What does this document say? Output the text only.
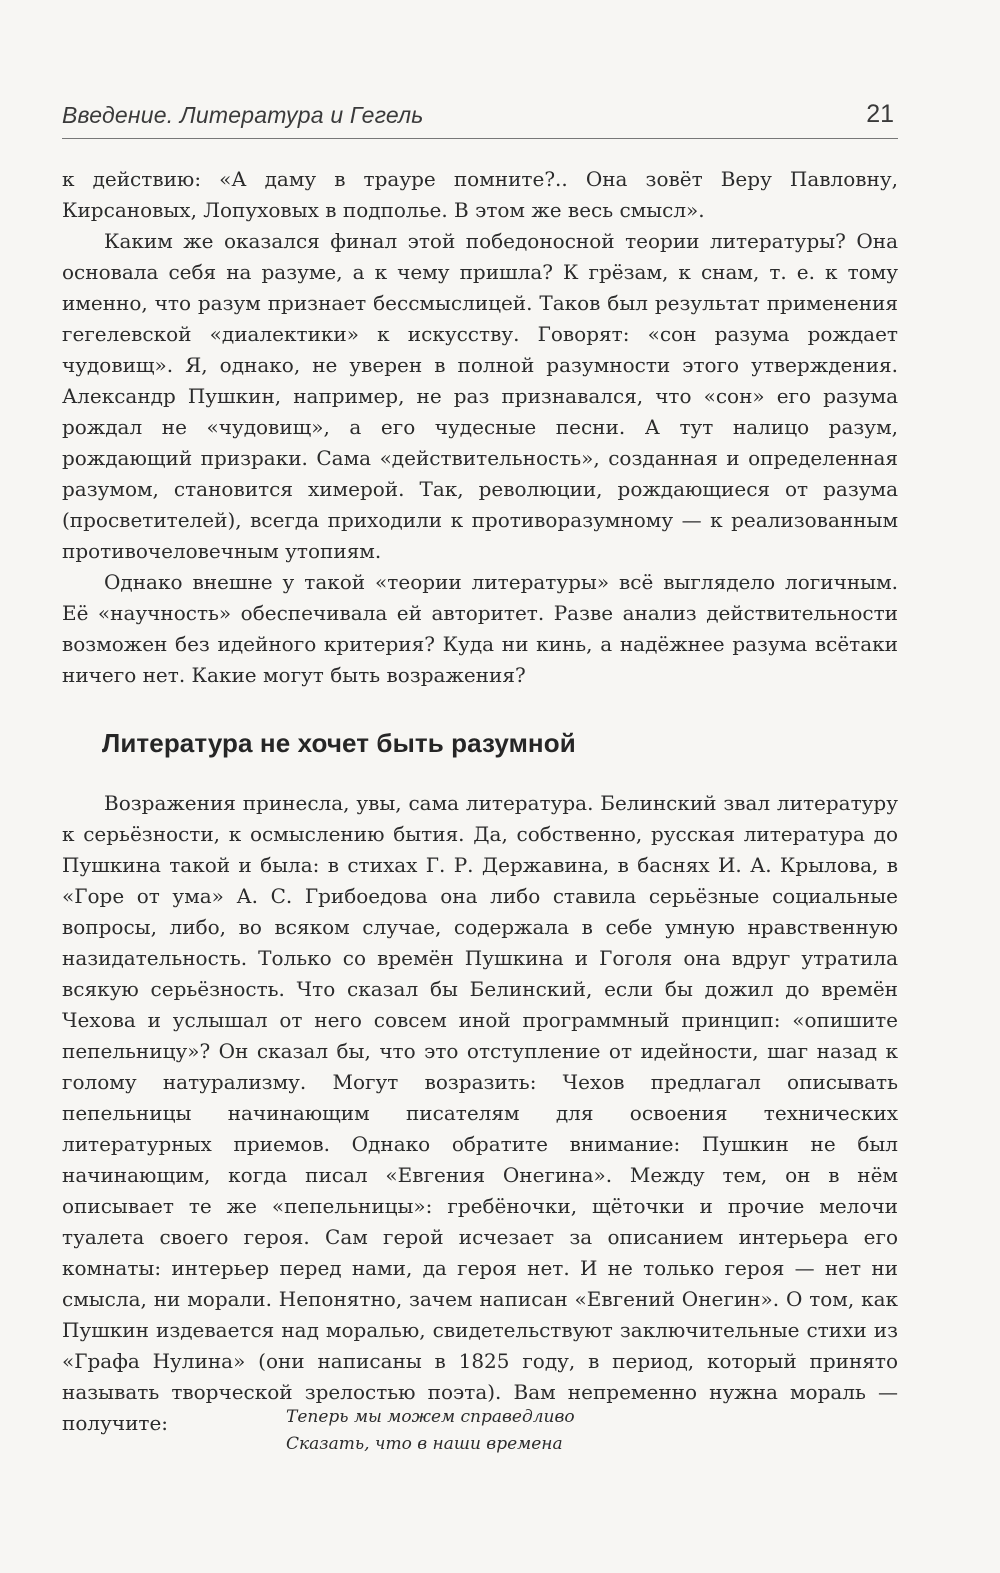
Введение. Литература и Гегель	21

к действию: «А даму в трауре помните?.. Она зовёт Веру Павловну, Кирсановых, Лопуховых в подполье. В этом же весь смысл».

Каким же оказался финал этой победоносной теории литературы? Она основала себя на разуме, а к чему пришла? К грёзам, к снам, т. е. к тому именно, что разум признает бессмыслицей. Таков был результат применения гегелевской «диалектики» к искусству. Говорят: «сон разума рождает чудовищ». Я, однако, не уверен в полной разумности этого утверждения. Александр Пушкин, например, не раз признавался, что «сон» его разума рождал не «чудовищ», а его чудесные песни. А тут налицо разум, рождающий призраки. Сама «действительность», созданная и определенная разумом, становится химерой. Так, революции, рождающиеся от разума (просветителей), всегда приходили к противоразумному — к реализованным противочеловечным утопиям.

Однако внешне у такой «теории литературы» всё выглядело логичным. Её «научность» обеспечивала ей авторитет. Разве анализ действительности возможен без идейного критерия? Куда ни кинь, а надёжнее разума всётаки ничего нет. Какие могут быть возражения?

Литература не хочет быть разумной

Возражения принесла, увы, сама литература. Белинский звал литературу к серьёзности, к осмыслению бытия. Да, собственно, русская литература до Пушкина такой и была: в стихах Г. Р. Державина, в баснях И. А. Крылова, в «Горе от ума» А. С. Грибоедова она либо ставила серьёзные социальные вопросы, либо, во всяком случае, содержала в себе умную нравственную назидательность. Только со времён Пушкина и Гоголя она вдруг утратила всякую серьёзность. Что сказал бы Белинский, если бы дожил до времён Чехова и услышал от него совсем иной программный принцип: «опишите пепельницу»? Он сказал бы, что это отступление от идейности, шаг назад к голому натурализму. Могут возразить: Чехов предлагал описывать пепельницы начинающим писателям для освоения технических литературных приемов. Однако обратите внимание: Пушкин не был начинающим, когда писал «Евгения Онегина». Между тем, он в нём описывает те же «пепельницы»: гребёночки, щёточки и прочие мелочи туалета своего героя. Сам герой исчезает за описанием интерьера его комнаты: интерьер перед нами, да героя нет. И не только героя — нет ни смысла, ни морали. Непонятно, зачем написан «Евгений Онегин». О том, как Пушкин издевается над моралью, свидетельствуют заключительные стихи из «Графа Нулина» (они написаны в 1825 году, в период, который принято называть творческой зрелостью поэта). Вам непременно нужна мораль — получите:	Теперь мы можем справедливо
Сказать, что в наши времена
